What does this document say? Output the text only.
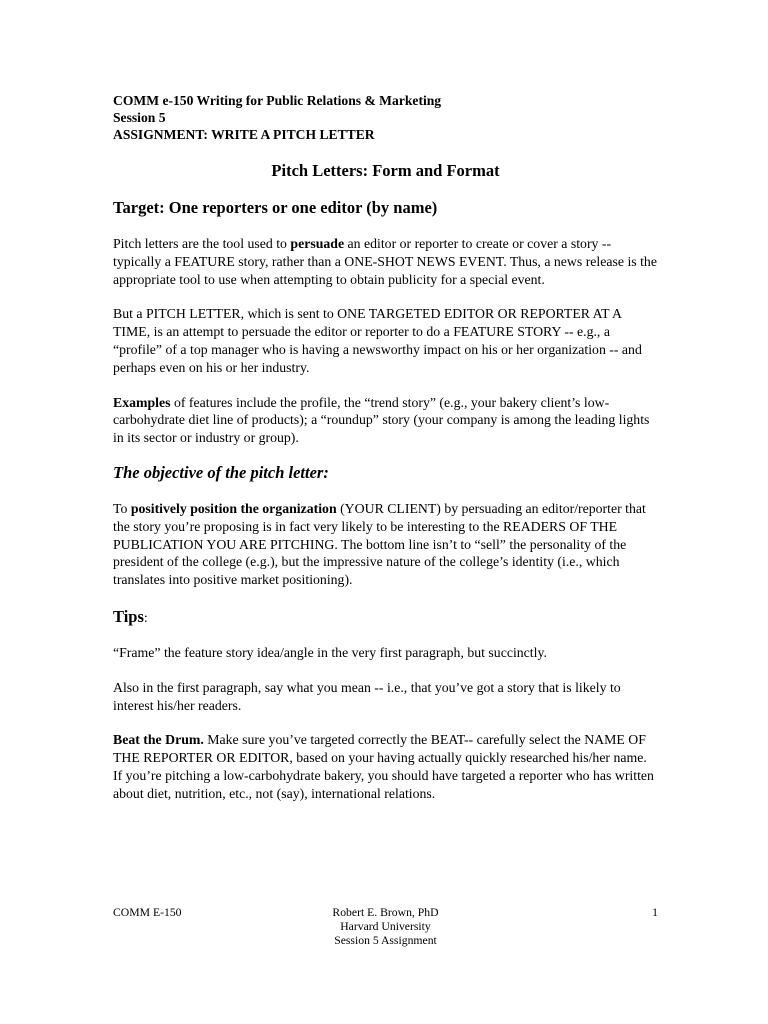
COMM e-150 Writing for Public Relations & Marketing
Session 5
ASSIGNMENT: WRITE A PITCH LETTER
Pitch Letters: Form and Format
Target: One reporters or one editor (by name)

Pitch letters are the tool used to persuade an editor or reporter to create or cover a story -- typically a FEATURE story, rather than a ONE-SHOT NEWS EVENT. Thus, a news release is the appropriate tool to use when attempting to obtain publicity for a special event.

But a PITCH LETTER, which is sent to ONE TARGETED EDITOR OR REPORTER AT A TIME, is an attempt to persuade the editor or reporter to do a FEATURE STORY -- e.g., a “profile” of a top manager who is having a newsworthy impact on his or her organization -- and perhaps even on his or her industry.

Examples of features include the profile, the “trend story” (e.g., your bakery client’s low-carbohydrate diet line of products); a “roundup” story (your company is among the leading lights in its sector or industry or group).

The objective of the pitch letter:

To positively position the organization (YOUR CLIENT) by persuading an editor/reporter that the story you’re proposing is in fact very likely to be interesting to the READERS OF THE PUBLICATION YOU ARE PITCHING. The bottom line isn’t to “sell” the personality of the president of the college (e.g.), but the impressive nature of the college’s identity (i.e., which translates into positive market positioning).

Tips:

“Frame” the feature story idea/angle in the very first paragraph, but succinctly.

Also in the first paragraph, say what you mean -- i.e., that you’ve got a story that is likely to interest his/her readers.

Beat the Drum. Make sure you’ve targeted correctly the BEAT-- carefully select the NAME OF THE REPORTER OR EDITOR, based on your having actually quickly researched his/her name. If you’re pitching a low-carbohydrate bakery, you should have targeted a reporter who has written about diet, nutrition, etc., not (say), international relations.

COMM E-150	Robert E. Brown, PhD
Harvard University
Session 5 Assignment
1
